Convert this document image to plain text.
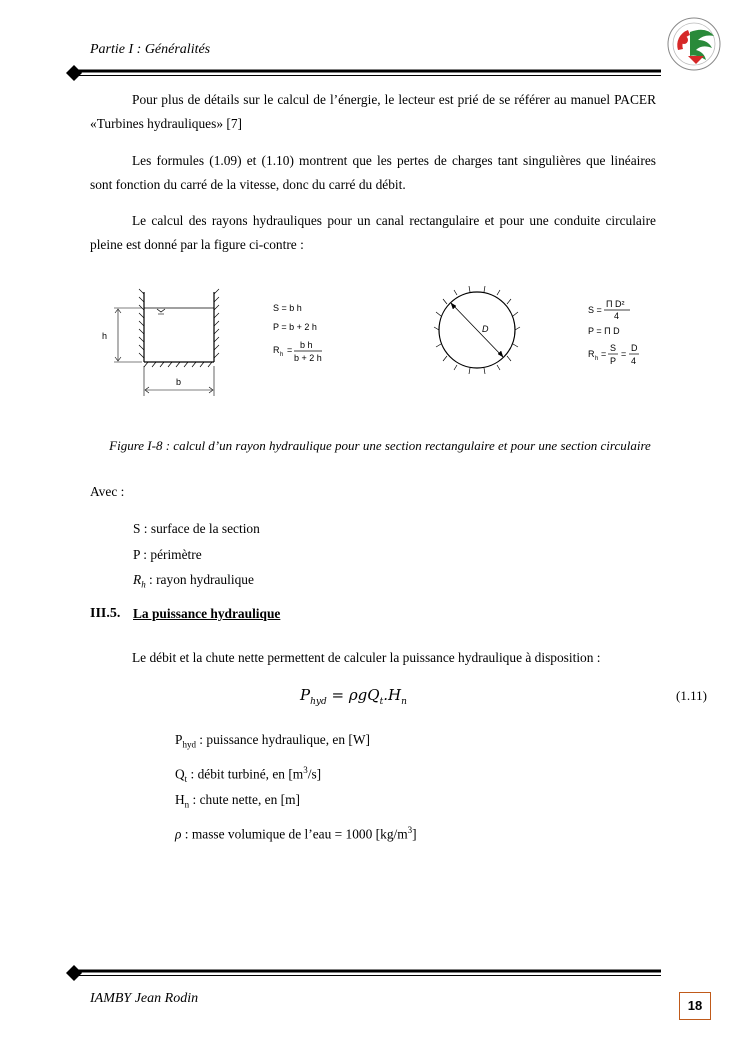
Partie I : Généralités
Pour plus de détails sur le calcul de l’énergie, le lecteur est prié de se référer au manuel PACER «Turbines hydrauliques» [7]
Les formules (1.09) et (1.10) montrent que les pertes de charges tant singulières que linéaires sont fonction du carré de la vitesse, donc du carré du débit.
Le calcul des rayons hydrauliques pour un canal rectangulaire et pour une conduite circulaire pleine est donné par la figure ci-contre :
h
b
S = b h
P = b + 2 h
R h = b h
b + 2 h
D
S =
Π D²
4
P = Π D
R h =
S
P
=
D
4
Figure I-8 : calcul d’un rayon hydraulique pour une section rectangulaire et pour une section circulaire
Avec :
S : surface de la section
P : périmètre
$R_h$ : rayon hydraulique
III.5. La puissance hydraulique
Le débit et la chute nette permettent de calculer la puissance hydraulique à disposition :
$P_{hyd} = \rho gQ_t.H_n$	(1.11)
$P_{hyd}$ : puissance hydraulique, en [W]
$Q_t$ : débit turbiné, en $[m^3/s]$
$H_n$ : chute nette, en [m]
ρ : masse volumique de l’eau = 1000 $[kg/m^3]$
IAMBY Jean Rodin	18
